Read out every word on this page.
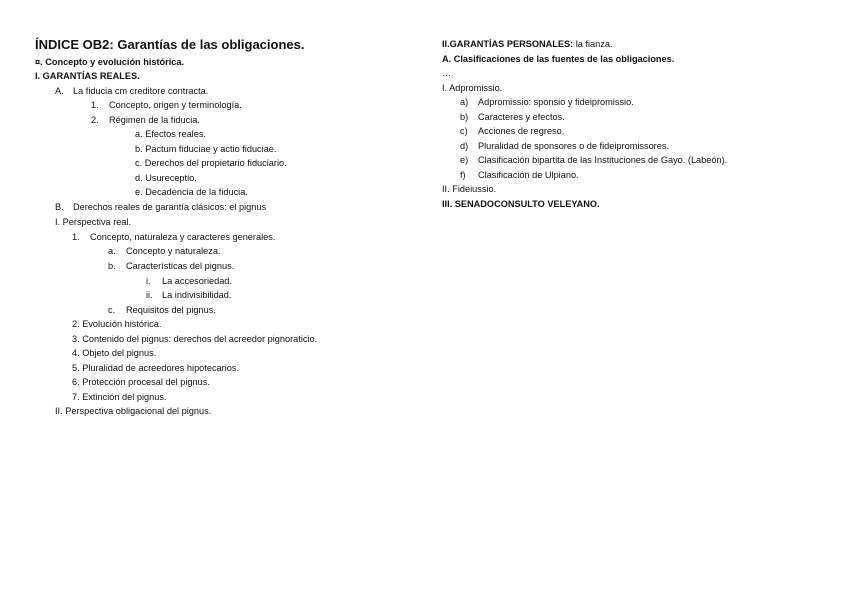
ÍNDICE OB2: Garantías de las obligaciones.
¤. Concepto y evolución histórica.
I. GARANTÍAS REALES.
A. La fiducia cm creditore contracta.
1. Concepto, origen y terminología.
2. Régimen de la fiducia.
a. Efectos reales.
b. Pactum fiduciae y actio fiduciae.
c. Derechos del propietario fiduciario.
d. Usureceptio.
e. Decadencia de la fiducia.
B. Derechos reales de garantía clásicos: el pignus
I. Perspectiva real.
1. Concepto, naturaleza y caracteres generales.
a. Concepto y naturaleza.
b. Características del pignus.
i. La accesoriedad.
ii. La indivisibilidad.
c. Requisitos del pignus.
2. Evolución histórica.
3. Contenido del pignus: derechos del acreedor pignoraticio.
4. Objeto del pignus.
5. Pluralidad de acreedores hipotecarios.
6. Protección procesal del pignus.
7. Extinción del pignus.
II. Perspectiva obligacional del pignus.
II.GARANTÍAS PERSONALES: la fianza.
A. Clasificaciones de las fuentes de las obligaciones.
…
I. Adpromissio.
a) Adpromissio: sponsio y fideipromissio.
b) Caracteres y efectos.
c) Acciones de regreso.
d) Pluralidad de sponsores o de fideipromissores.
e) Clasificación bipartita de las Instituciones de Gayo. (Labeón).
f) Clasificación de Ulpiano.
II. Fideiussio.
III. SENADOCONSULTO VELEYANO.
